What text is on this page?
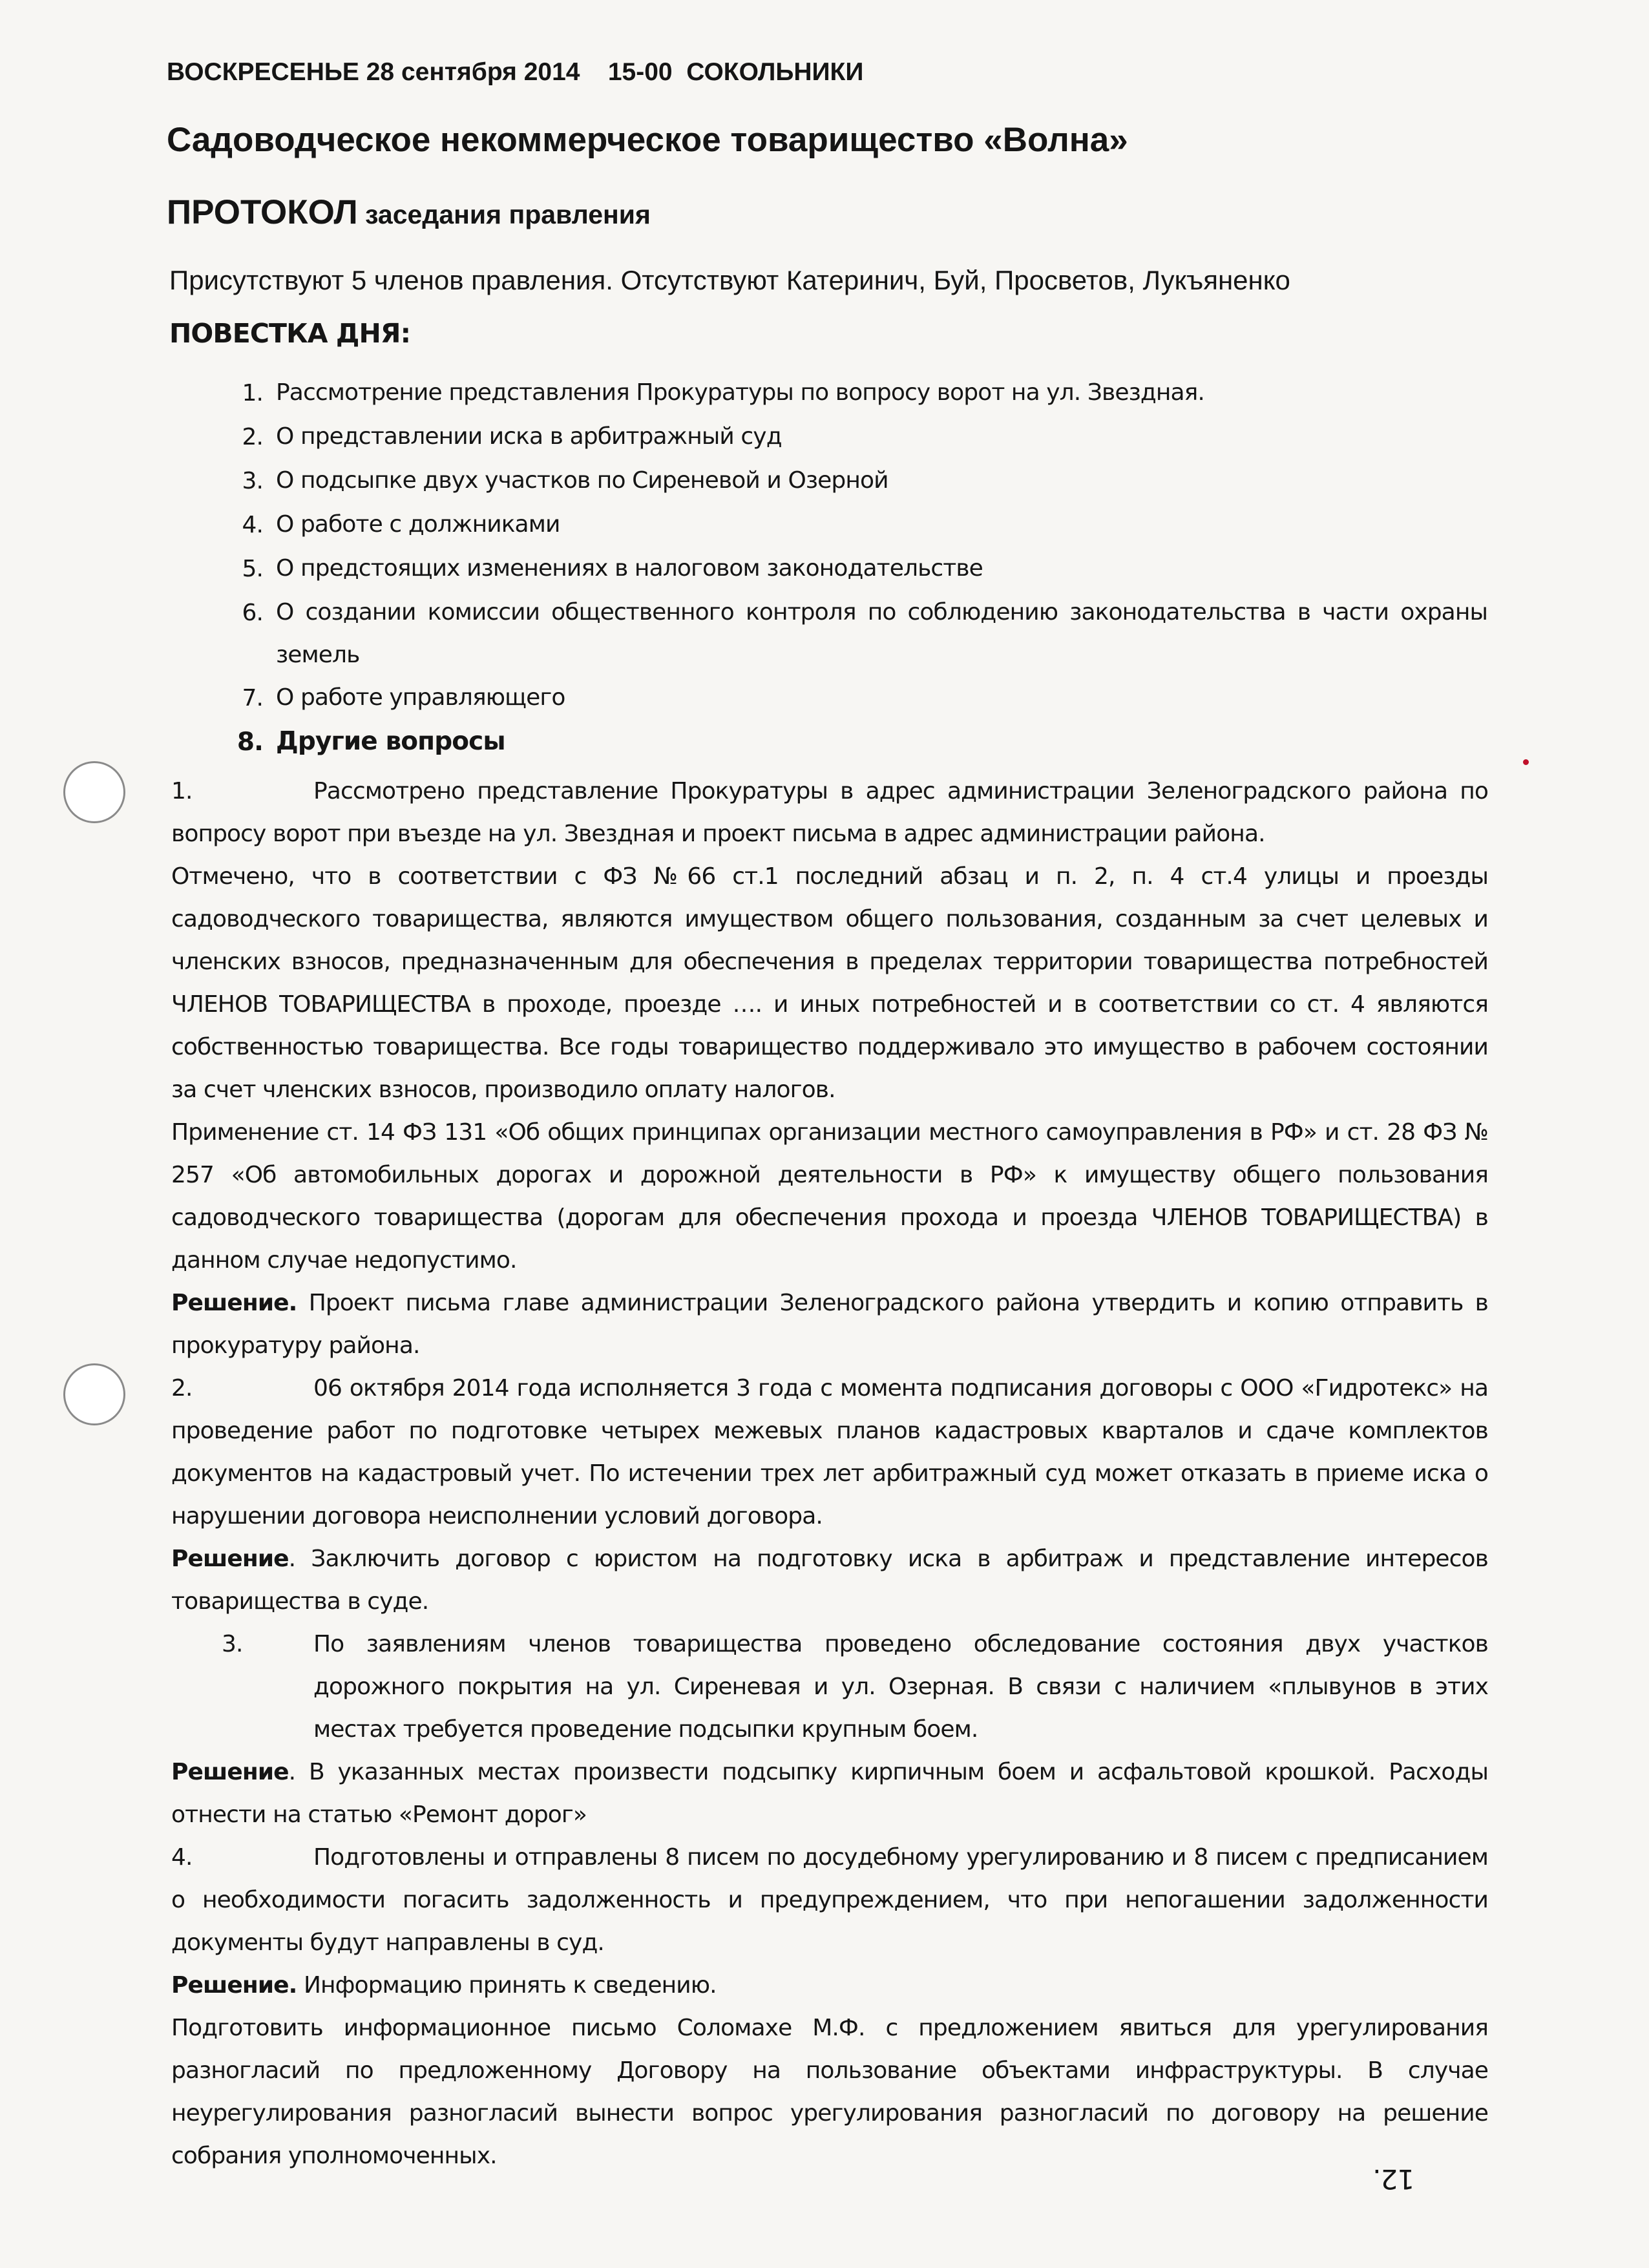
ВОСКРЕСЕНЬЕ 28 сентября 2014    15-00  СОКОЛЬНИКИ
Садоводческое некоммерческое товарищество «Волна»
ПРОТОКОЛ заседания правления
Присутствуют 5 членов правления. Отсутствуют Катеринич, Буй, Просветов, Лукъяненко
ПОВЕСТКА ДНЯ:
1. Рассмотрение представления Прокуратуры по вопросу ворот на ул. Звездная.
2. О представлении иска в арбитражный суд
3. О подсыпке двух участков по Сиреневой и Озерной
4. О работе с должниками
5. О предстоящих изменениях в налоговом законодательстве
6. О создании комиссии общественного контроля по соблюдению законодательства в части охраны земель
7. О работе управляющего
8. Другие вопросы

1.	Рассмотрено представление Прокуратуры в адрес администрации Зеленоградского района по вопросу ворот при въезде на ул. Звездная и проект письма в адрес администрации района.

Отмечено, что в соответствии с ФЗ №66 ст.1 последний абзац и п. 2, п. 4 ст.4 улицы и проезды садоводческого товарищества, являются имуществом общего пользования, созданным за счет целевых и членских взносов, предназначенным для обеспечения в пределах территории товарищества потребностей ЧЛЕНОВ ТОВАРИЩЕСТВА в проходе, проезде …. и иных потребностей и в соответствии со ст. 4 являются собственностью товарищества. Все годы товарищество поддерживало это имущество в рабочем состоянии за счет членских взносов, производило оплату налогов.

Применение ст. 14 ФЗ 131 «Об общих принципах организации местного самоуправления в РФ» и ст. 28 ФЗ № 257 «Об автомобильных дорогах и дорожной деятельности в РФ» к имуществу общего пользования садоводческого товарищества (дорогам для обеспечения прохода и проезда ЧЛЕНОВ ТОВАРИЩЕСТВА) в данном случае недопустимо.

Решение. Проект письма главе администрации Зеленоградского района утвердить и копию отправить в прокуратуру района.

2.	06 октября 2014 года исполняется 3 года с момента подписания договоры с ООО «Гидротекс» на проведение работ по подготовке четырех межевых планов кадастровых кварталов и сдаче комплектов документов на кадастровый учет. По истечении трех лет арбитражный суд может отказать в приеме иска о нарушении договора неисполнении условий договора.

Решение. Заключить договор с юристом на подготовку иска в арбитраж и представление интересов товарищества в суде.

3.	По заявлениям членов товарищества проведено обследование состояния двух участков дорожного покрытия на ул. Сиреневая и ул. Озерная. В связи с наличием «плывунов в этих местах требуется проведение подсыпки крупным боем.

Решение. В указанных местах произвести подсыпку кирпичным боем и асфальтовой крошкой. Расходы отнести на статью «Ремонт дорог»

4.	Подготовлены и отправлены 8 писем по досудебному урегулированию и 8 писем с предписанием о необходимости погасить задолженность и предупреждением, что при непогашении задолженности документы будут направлены в суд.

Решение. Информацию принять к сведению.

Подготовить информационное письмо Соломахе М.Ф. с предложением явиться для урегулирования разногласий по предложенному Договору на пользование объектами инфраструктуры. В случае неурегулирования разногласий вынести вопрос урегулирования разногласий по договору на решение собрания уполномоченных.

12.
